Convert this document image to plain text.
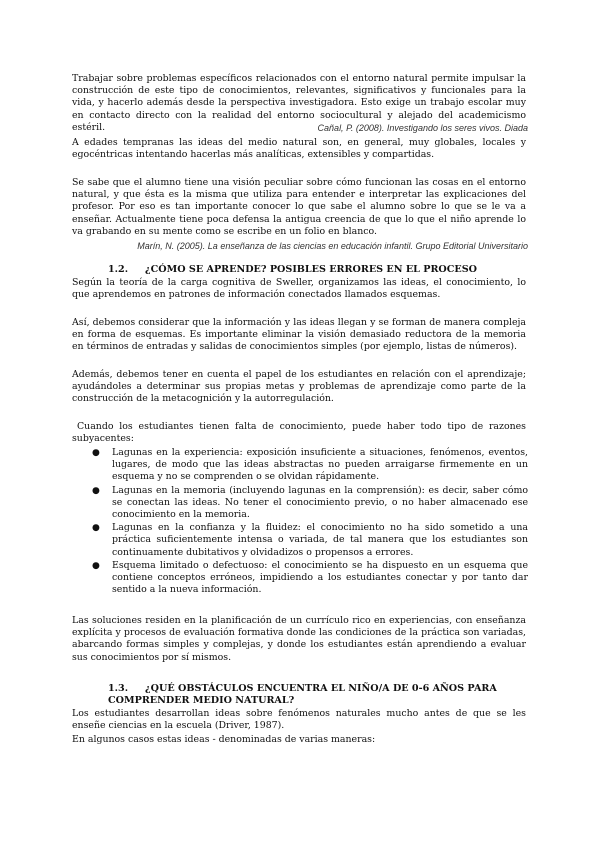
Trabajar sobre problemas específicos relacionados con el entorno natural permite impulsar la construcción de este tipo de conocimientos, relevantes, significativos y funcionales para la vida, y hacerlo además desde la perspectiva investigadora. Esto exige un trabajo escolar muy en contacto directo con la realidad del entorno sociocultural y alejado del academicismo estéril.	Cañal, P. (2008). Investigando los seres vivos. Diada

A edades tempranas las ideas del medio natural son, en general, muy globales, locales y egocéntricas intentando hacerlas más analíticas, extensibles y compartidas.

Se sabe que el alumno tiene una visión peculiar sobre cómo funcionan las cosas en el entorno natural, y que ésta es la misma que utiliza para entender e interpretar las explicaciones del profesor. Por eso es tan importante conocer lo que sabe el alumno sobre lo que se le va a enseñar. Actualmente tiene poca defensa la antigua creencia de que lo que el niño aprende lo va grabando en su mente como se escribe en un folio en blanco.

Marín, N. (2005). La enseñanza de las ciencias en educación infantil. Grupo Editorial Universitario
1.2. ¿CÓMO SE APRENDE? POSIBLES ERRORES EN EL PROCESO

Según la teoría de la carga cognitiva de Sweller, organizamos las ideas, el conocimiento, lo que aprendemos en patrones de información conectados llamados esquemas.

Así, debemos considerar que la información y las ideas llegan y se forman de manera compleja en forma de esquemas. Es importante eliminar la visión demasiado reductora de la memoria en términos de entradas y salidas de conocimientos simples (por ejemplo, listas de números).

Además, debemos tener en cuenta el papel de los estudiantes en relación con el aprendizaje; ayudándoles a determinar sus propias metas y problemas de aprendizaje como parte de la construcción de la metacognición y la autorregulación.

Cuando los estudiantes tienen falta de conocimiento, puede haber todo tipo de razones subyacentes:

● Lagunas en la experiencia: exposición insuficiente a situaciones, fenómenos, eventos, lugares, de modo que las ideas abstractas no pueden arraigarse firmemente en un esquema y no se comprenden o se olvidan rápidamente.
● Lagunas en la memoria (incluyendo lagunas en la comprensión): es decir, saber cómo se conectan las ideas. No tener el conocimiento previo, o no haber almacenado ese conocimiento en la memoria.
● Lagunas en la confianza y la fluidez: el conocimiento no ha sido sometido a una práctica suficientemente intensa o variada, de tal manera que los estudiantes son continuamente dubitativos y olvidadizos o propensos a errores.
● Esquema limitado o defectuoso: el conocimiento se ha dispuesto en un esquema que contiene conceptos erróneos, impidiendo a los estudiantes conectar y por tanto dar sentido a la nueva información.

Las soluciones residen en la planificación de un currículo rico en experiencias, con enseñanza explícita y procesos de evaluación formativa donde las condiciones de la práctica son variadas, abarcando formas simples y complejas, y donde los estudiantes están aprendiendo a evaluar sus conocimientos por sí mismos.

1.3. ¿QUÉ OBSTÁCULOS ENCUENTRA EL NIÑO/A DE 0-6 AÑOS PARA COMPRENDER MEDIO NATURAL?

Los estudiantes desarrollan ideas sobre fenómenos naturales mucho antes de que se les enseñe ciencias en la escuela (Driver, 1987).

En algunos casos estas ideas - denominadas de varias maneras:
